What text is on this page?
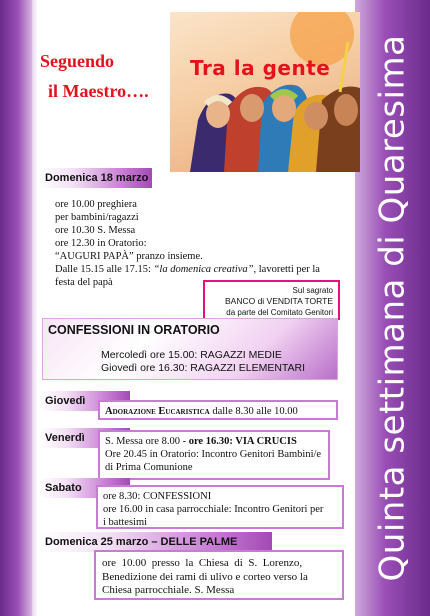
Quinta settimana di Quaresima
Seguendo
il Maestro….
Tra la gente
Domenica 18 marzo
ore 10.00 preghiera
per bambini/ragazzi
ore 10.30 S. Messa
ore 12.30 in Oratorio:
“AUGURI PAPÀ” pranzo insieme.
Dalle 15.15 alle 17.15: “la domenica creativa”, lavoretti per la
festa del papà
Sul sagrato
BANCO di VENDITA TORTE
da parte del Comitato Genitori
CONFESSIONI IN ORATORIO
Mercoledì ore 15.00: RAGAZZI MEDIE
Giovedì ore 16.30: RAGAZZI ELEMENTARI
Giovedì
Adorazione Eucaristica dalle 8.30 alle 10.00
Venerdì	S. Messa ore 8.00 - ore 16.30: VIA CRUCIS
Ore 20.45 in Oratorio: Incontro Genitori Bambini/e
di Prima Comunione
Sabato
ore 8.30: CONFESSIONI
ore 16.00 in casa parrocchiale: Incontro Genitori per
i battesimi
Domenica 25 marzo – DELLE PALME
ore  10.00  presso  la  Chiesa  di  S.  Lorenzo,
Benedizione dei rami di ulivo e corteo verso la
Chiesa parrocchiale. S. Messa
